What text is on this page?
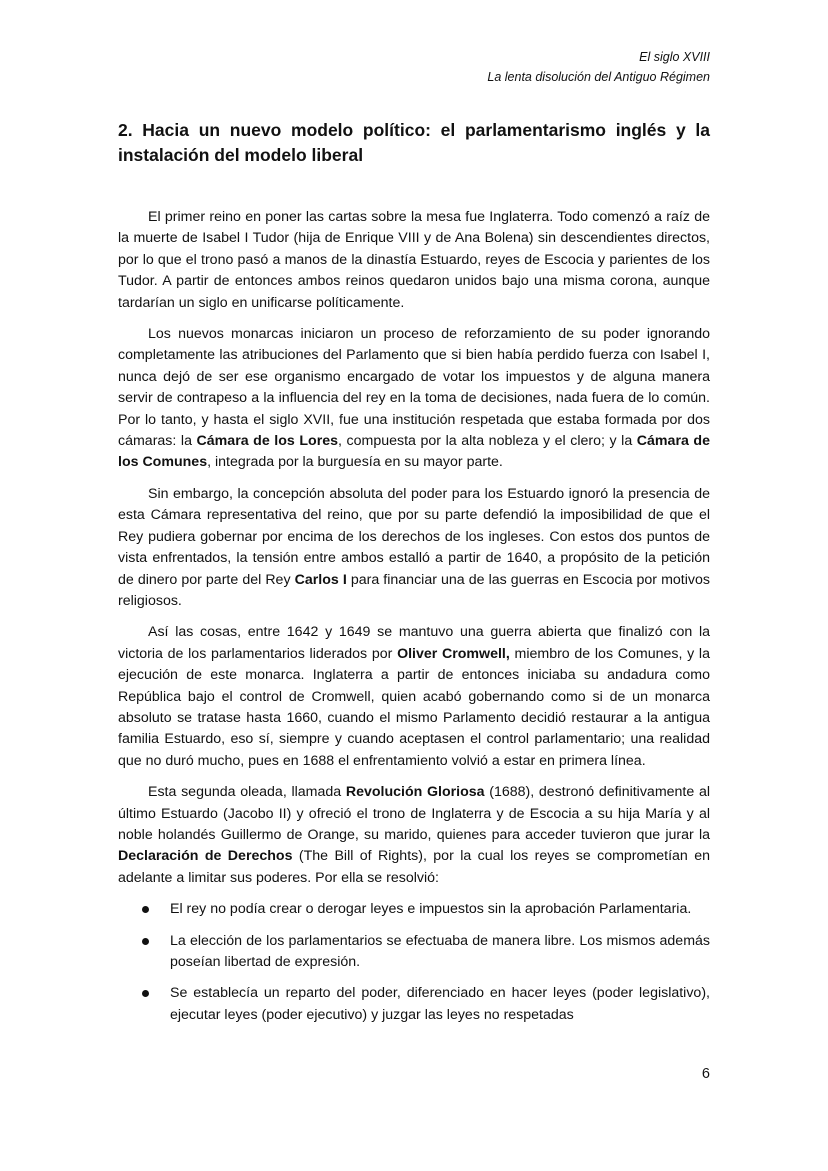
El siglo XVIII
La lenta disolución del Antiguo Régimen
2. Hacia un nuevo modelo político: el parlamentarismo inglés y la instalación del modelo liberal

El primer reino en poner las cartas sobre la mesa fue Inglaterra. Todo comenzó a raíz de la muerte de Isabel I Tudor (hija de Enrique VIII y de Ana Bolena) sin descendientes directos, por lo que el trono pasó a manos de la dinastía Estuardo, reyes de Escocia y parientes de los Tudor. A partir de entonces ambos reinos quedaron unidos bajo una misma corona, aunque tardarían un siglo en unificarse políticamente.

Los nuevos monarcas iniciaron un proceso de reforzamiento de su poder ignorando completamente las atribuciones del Parlamento que si bien había perdido fuerza con Isabel I, nunca dejó de ser ese organismo encargado de votar los impuestos y de alguna manera servir de contrapeso a la influencia del rey en la toma de decisiones, nada fuera de lo común. Por lo tanto, y hasta el siglo XVII, fue una institución respetada que estaba formada por dos cámaras: la Cámara de los Lores, compuesta por la alta nobleza y el clero; y la Cámara de los Comunes, integrada por la burguesía en su mayor parte.

Sin embargo, la concepción absoluta del poder para los Estuardo ignoró la presencia de esta Cámara representativa del reino, que por su parte defendió la imposibilidad de que el Rey pudiera gobernar por encima de los derechos de los ingleses. Con estos dos puntos de vista enfrentados, la tensión entre ambos estalló a partir de 1640, a propósito de la petición de dinero por parte del Rey Carlos I para financiar una de las guerras en Escocia por motivos religiosos.

Así las cosas, entre 1642 y 1649 se mantuvo una guerra abierta que finalizó con la victoria de los parlamentarios liderados por Oliver Cromwell, miembro de los Comunes, y la ejecución de este monarca. Inglaterra a partir de entonces iniciaba su andadura como República bajo el control de Cromwell, quien acabó gobernando como si de un monarca absoluto se tratase hasta 1660, cuando el mismo Parlamento decidió restaurar a la antigua familia Estuardo, eso sí, siempre y cuando aceptasen el control parlamentario; una realidad que no duró mucho, pues en 1688 el enfrentamiento volvió a estar en primera línea.

Esta segunda oleada, llamada Revolución Gloriosa (1688), destronó definitivamente al último Estuardo (Jacobo II) y ofreció el trono de Inglaterra y de Escocia a su hija María y al noble holandés Guillermo de Orange, su marido, quienes para acceder tuvieron que jurar la Declaración de Derechos (The Bill of Rights), por la cual los reyes se comprometían en adelante a limitar sus poderes. Por ella se resolvió:

El rey no podía crear o derogar leyes e impuestos sin la aprobación Parlamentaria.
La elección de los parlamentarios se efectuaba de manera libre. Los mismos además poseían libertad de expresión.
Se establecía un reparto del poder, diferenciado en hacer leyes (poder legislativo), ejecutar leyes (poder ejecutivo) y juzgar las leyes no respetadas
6
